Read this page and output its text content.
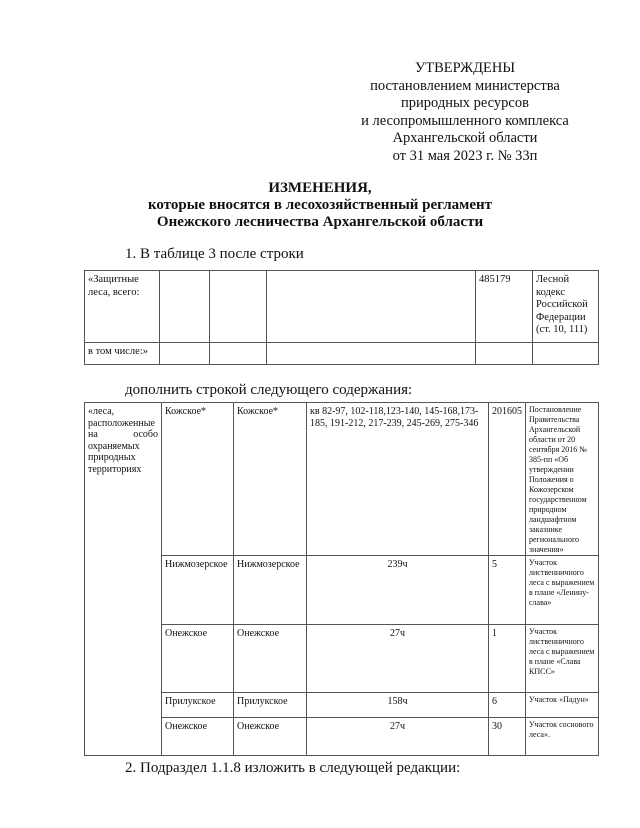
УТВЕРЖДЕНЫ
постановлением министерства
природных ресурсов
и лесопромышленного комплекса
Архангельской области
от 31 мая 2023 г. № 33п
ИЗМЕНЕНИЯ,
которые вносятся в лесохозяйственный регламент
Онежского лесничества Архангельской области
1. В таблице 3 после строки
«Защитные леса, всего:				485179	Лесной кодекс Российской Федерации (ст. 10, 111)
в том числе:»					
дополнить строкой следующего содержания:
«леса, расположенные на особо охраняемых природных территориях	Кожское*	Кожское*	кв 82-97, 102-118,123-140, 145-168,173-185, 191-212, 217-239, 245-269, 275-346	201605	Постановление Правительства Архангельской области от 20 сентября 2016 № 385-пп «Об утверждении Положения о Кожозерском государственном природном ландшафтном заказнике регионального значения»
	Нижмозерское	Нижмозерское	239ч	5	Участок лиственничного леса с выражением в плане «Ленину-слава»
	Онежское	Онежское	27ч	1	Участок лиственничного леса с выражением в плане «Слава КПСС»
	Прилукское	Прилукское	158ч	6	Участок «Падун»
	Онежское	Онежское	27ч	30	Участок соснового леса».
2. Подраздел 1.1.8 изложить в следующей редакции:
